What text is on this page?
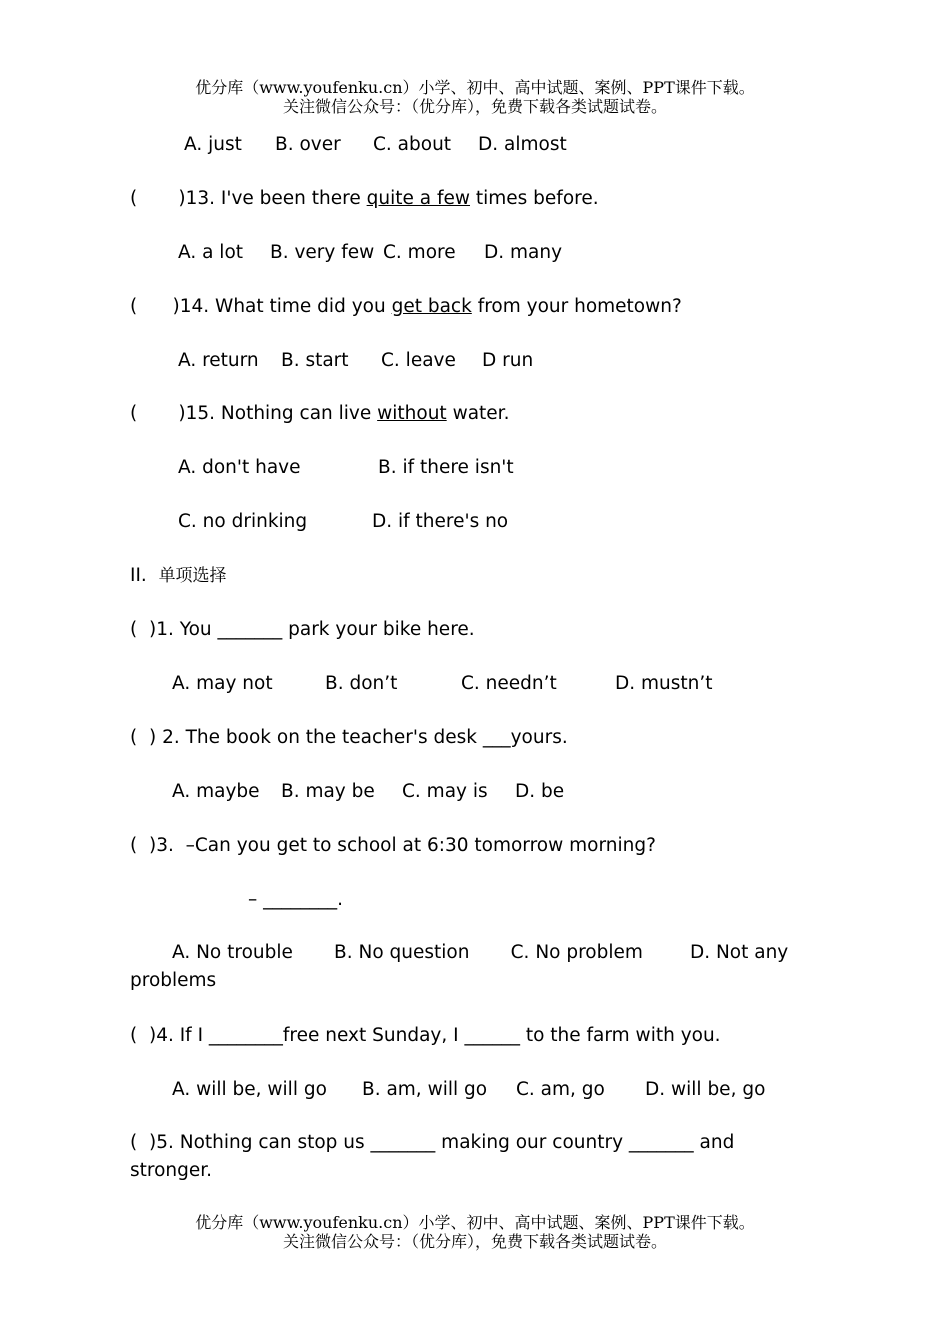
优分库（www.youfenku.cn）小学、初中、高中试题、案例、PPT课件下载。
关注微信公众号：（优分库），免费下载各类试题试卷。
A. just B. over C. about D. almost
(       )13. I've been there quite a few times before.
A. a lot B. very few C. more D. many
(      )14. What time did you get back from your hometown?
A. return B. start C. leave D run
(       )15. Nothing can live without water.
A. don't have	B. if there isn't
C. no drinking	D. if there's no
II. 单项选择
(  )1. You _______ park your bike here.
A. may not	B. don’t	C. needn’t	D. mustn’t
(  ) 2. The book on the teacher's desk ___yours.
A. maybe B. may be C. may is D. be
(  )3.  –Can you get to school at 6:30 tomorrow morning?
– ________.
A. No trouble       B. No question       C. No problem        D. Not any problems
(  )4. If I ________free next Sunday, I ______ to the farm with you.
A. will be, will go B. am, will go C. am, go D. will be, go
(  )5. Nothing can stop us _______ making our country _______ and stronger.
优分库（www.youfenku.cn）小学、初中、高中试题、案例、PPT课件下载。
关注微信公众号：（优分库），免费下载各类试题试卷。
